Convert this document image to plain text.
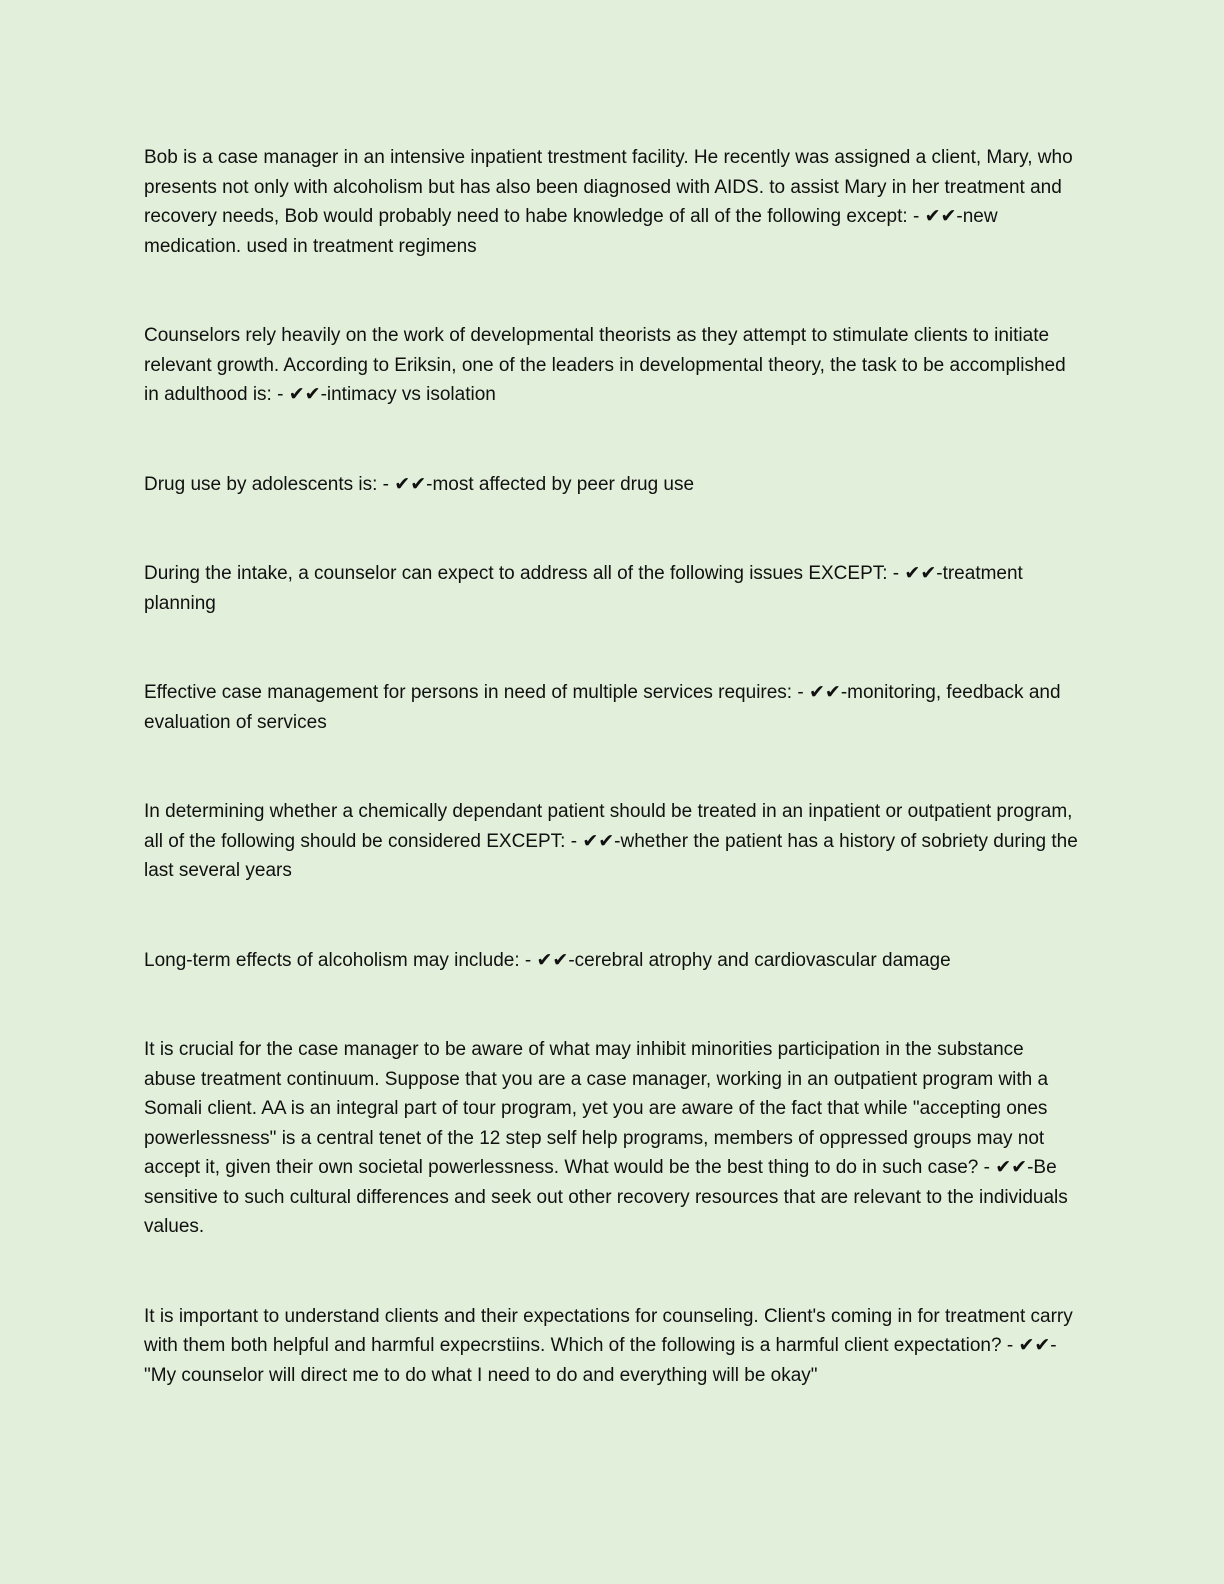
Bob is a case manager in an intensive inpatient trestment facility. He recently was assigned a client, Mary, who presents not only with alcoholism but has also been diagnosed with AIDS. to assist Mary in her treatment and recovery needs, Bob would probably need to habe knowledge of all of the following except: - ✔✔-new medication. used in treatment regimens

Counselors rely heavily on the work of developmental theorists as they attempt to stimulate clients to initiate relevant growth. According to Eriksin, one of the leaders in developmental theory, the task to be accomplished in adulthood is: - ✔✔-intimacy vs isolation

Drug use by adolescents is: - ✔✔-most affected by peer drug use

During the intake, a counselor can expect to address all of the following issues EXCEPT: - ✔✔-treatment planning

Effective case management for persons in need of multiple services requires: - ✔✔-monitoring, feedback and evaluation of services

In determining whether a chemically dependant patient should be treated in an inpatient or outpatient program, all of the following should be considered EXCEPT: - ✔✔-whether the patient has a history of sobriety during the last several years

Long-term effects of alcoholism may include: - ✔✔-cerebral atrophy and cardiovascular damage

It is crucial for the case manager to be aware of what may inhibit minorities participation in the substance abuse treatment continuum. Suppose that you are a case manager, working in an outpatient program with a Somali client. AA is an integral part of tour program, yet you are aware of the fact that while "accepting ones powerlessness" is a central tenet of the 12 step self help programs, members of oppressed groups may not accept it, given their own societal powerlessness. What would be the best thing to do in such case? - ✔✔-Be sensitive to such cultural differences and seek out other recovery resources that are relevant to the individuals values.

It is important to understand clients and their expectations for counseling. Client's coming in for treatment carry with them both helpful and harmful expecrstiins. Which of the following is a harmful client expectation? - ✔✔-"My counselor will direct me to do what I need to do and everything will be okay"
